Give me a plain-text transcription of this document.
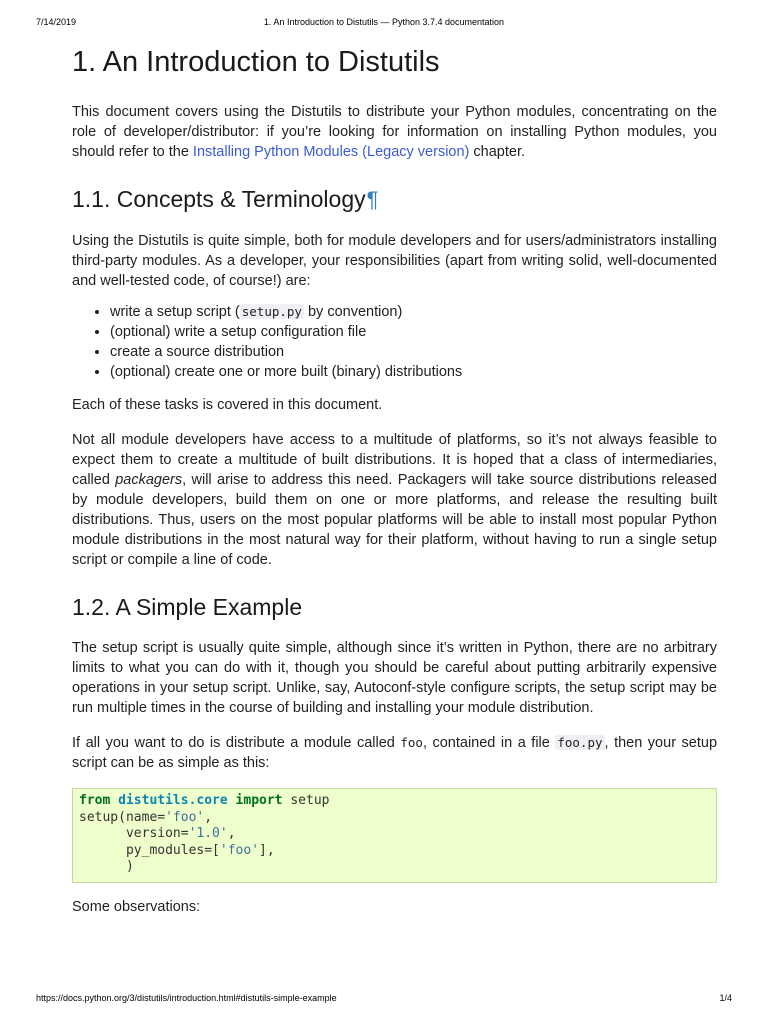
7/14/2019	1. An Introduction to Distutils — Python 3.7.4 documentation
1. An Introduction to Distutils

This document covers using the Distutils to distribute your Python modules, concentrating on the role of developer/distributor: if you’re looking for information on installing Python modules, you should refer to the Installing Python Modules (Legacy version) chapter.

1.1. Concepts & Terminology¶

Using the Distutils is quite simple, both for module developers and for users/administrators installing third-party modules. As a developer, your responsibilities (apart from writing solid, well-documented and well-tested code, of course!) are:

• write a setup script ( setup.py by convention)
• (optional) write a setup configuration file
• create a source distribution
• (optional) create one or more built (binary) distributions

Each of these tasks is covered in this document.

Not all module developers have access to a multitude of platforms, so it’s not always feasible to expect them to create a multitude of built distributions. It is hoped that a class of intermediaries, called packagers, will arise to address this need. Packagers will take source distributions released by module developers, build them on one or more platforms, and release the resulting built distributions. Thus, users on the most popular platforms will be able to install most popular Python module distributions in the most natural way for their platform, without having to run a single setup script or compile a line of code.

1.2. A Simple Example

The setup script is usually quite simple, although since it’s written in Python, there are no arbitrary limits to what you can do with it, though you should be careful about putting arbitrarily expensive operations in your setup script. Unlike, say, Autoconf-style configure scripts, the setup script may be run multiple times in the course of building and installing your module distribution.

If all you want to do is distribute a module called foo, contained in a file foo.py , then your setup script can be as simple as this:

from distutils.core import setup
setup(name='foo',
version='1.0',
py_modules=['foo'],
)

Some observations:

https://docs.python.org/3/distutils/introduction.html#distutils-simple-example	1/4
